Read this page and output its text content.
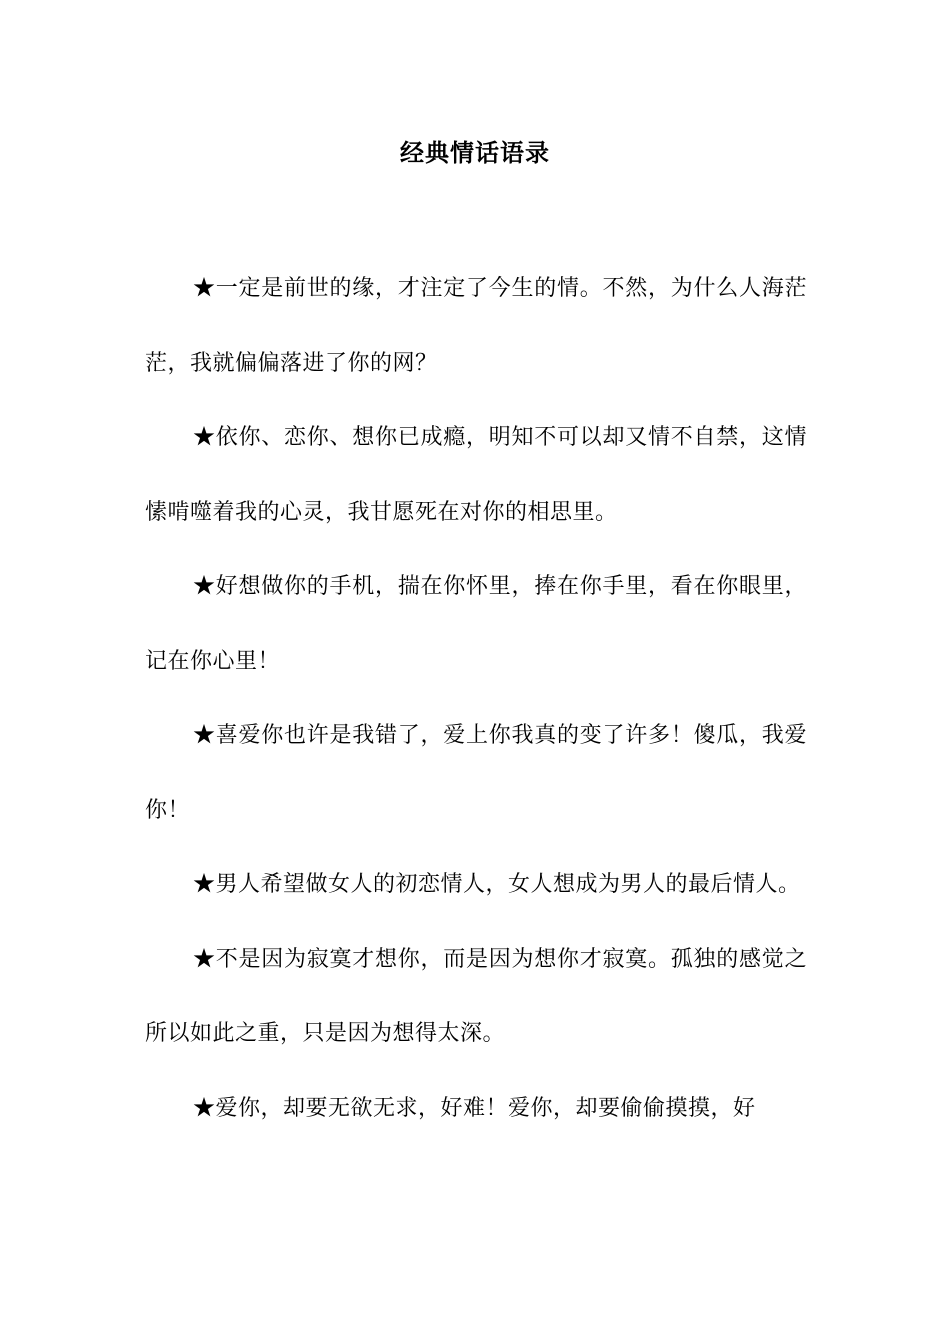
经典情话语录

★一定是前世的缘，才注定了今生的情。不然，为什么人海茫茫，我就偏偏落进了你的网？

★依你、恋你、想你已成瘾，明知不可以却又情不自禁，这情愫啃噬着我的心灵，我甘愿死在对你的相思里。

★好想做你的手机，揣在你怀里，捧在你手里，看在你眼里，记在你心里！

★喜爱你也许是我错了，爱上你我真的变了许多！傻瓜，我爱你！

★男人希望做女人的初恋情人，女人想成为男人的最后情人。

★不是因为寂寞才想你，而是因为想你才寂寞。孤独的感觉之所以如此之重，只是因为想得太深。

★爱你，却要无欲无求，好难！爱你，却要偷偷摸摸，好
